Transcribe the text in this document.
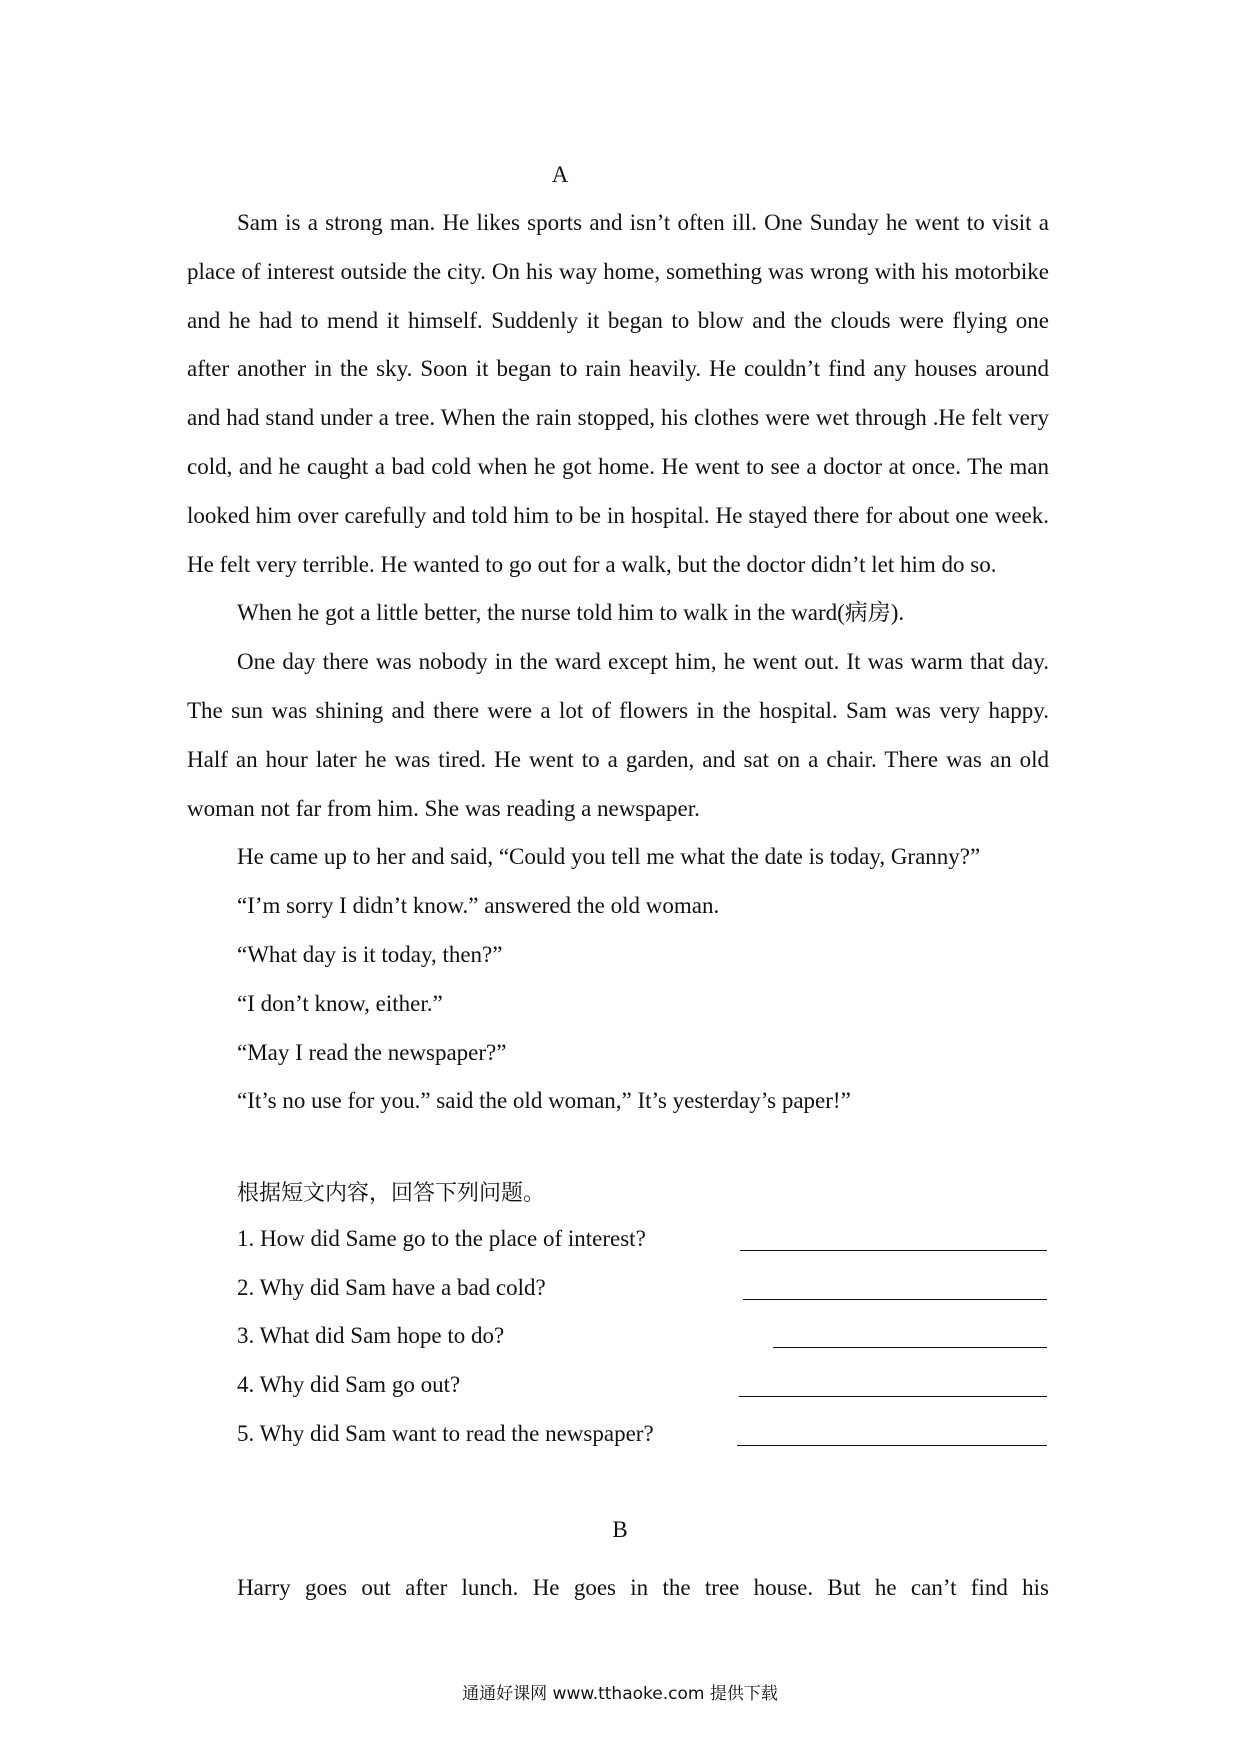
A

Sam is a strong man. He likes sports and isn’t often ill. One Sunday he went to visit a place of interest outside the city. On his way home, something was wrong with his motorbike and he had to mend it himself. Suddenly it began to blow and the clouds were flying one after another in the sky. Soon it began to rain heavily. He couldn’t find any houses around and had stand under a tree. When the rain stopped, his clothes were wet through .He felt very cold, and he caught a bad cold when he got home. He went to see a doctor at once. The man looked him over carefully and told him to be in hospital. He stayed there for about one week. He felt very terrible. He wanted to go out for a walk, but the doctor didn’t let him do so.

When he got a little better, the nurse told him to walk in the ward(病房).

One day there was nobody in the ward except him, he went out. It was warm that day. The sun was shining and there were a lot of flowers in the hospital. Sam was very happy. Half an hour later he was tired. He went to a garden, and sat on a chair. There was an old woman not far from him. She was reading a newspaper.

He came up to her and said, “Could you tell me what the date is today, Granny?”

“I’m sorry I didn’t know.” answered the old woman.

“What day is it today, then?”

“I don’t know, either.”

“May I read the newspaper?”

“It’s no use for you.” said the old woman,” It’s yesterday’s paper!”

根据短文内容，回答下列问题。
1. How did Same go to the place of interest?
2. Why did Sam have a bad cold?
3. What did Sam hope to do?
4. Why did Sam go out?
5. Why did Sam want to read the newspaper?
B

Harry goes out after lunch. He goes in the tree house. But he can’t find his

通通好课网 www.tthaoke.com 提供下载
